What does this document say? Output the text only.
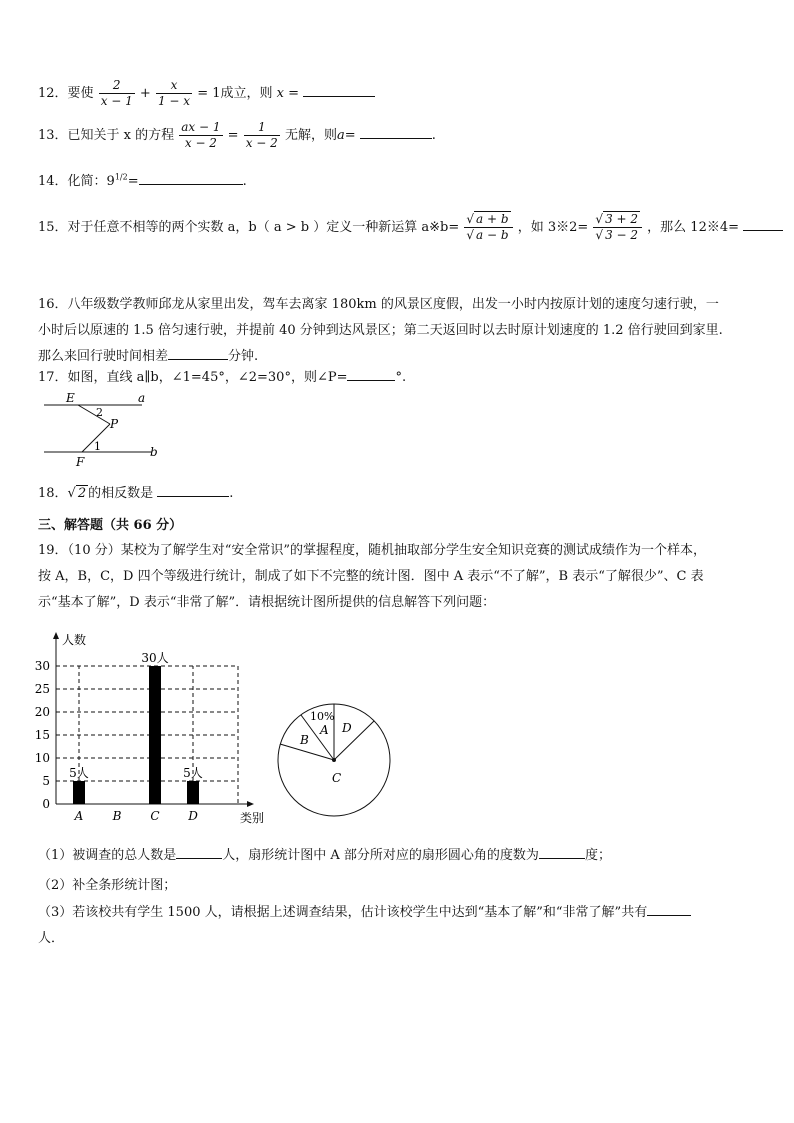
12．要使 $\frac{2}{x - 1} + \frac{x}{1 - x} = 1$成立，则 x =
13．已知关于 x 的方程 $\frac{ax - 1}{x - 2} = \frac{1}{x - 2}$ 无解，则a=	.
14．化简：$9^{1/2}=$	.
15．对于任意不相等的两个实数 a，b（ a > b ）定义一种新运算 a※b= $\frac{√ a + b}{√ a - b}$ ，如 3※2= $\frac{√ 3 + 2}{√ 3 - 2}$ ，那么 12※4=
16．八年级数学教师邱龙从家里出发，驾车去离家 180km 的风景区度假，出发一小时内按原计划的速度匀速行驶，一
小时后以原速的 1.5 倍匀速行驶，并提前 40 分钟到达风景区；第二天返回时以去时原计划速度的 1.2 倍行驶回到家里.
那么来回行驶时间相差	分钟.
17．如图，直线 a∥b，∠1=45°，∠2=30°，则∠P=	°.
E	a
2
P
1
F
b
18．√ 2 的相反数是	.
三、解答题（共 66 分）
19．（10 分）某校为了解学生对“安全常识”的掌握程度，随机抽取部分学生安全知识竞赛的测试成绩作为一个样本，
按 A，B，C，D 四个等级进行统计，制成了如下不完整的统计图．图中 A 表示“不了解”，B 表示“了解很少”、C 表
示“基本了解”，D 表示“非常了解”．请根据统计图所提供的信息解答下列问题：
人数
类别
0
5
10
15
20
25
30
5人
A B
30人
C
5人
D
10%
A
B
C
D
（1）被调查的总人数是	人，扇形统计图中 A 部分所对应的扇形圆心角的度数为	度；
（2）补全条形统计图；
（3）若该校共有学生 1500 人，请根据上述调查结果，估计该校学生中达到“基本了解”和“非常了解”共有
人．
